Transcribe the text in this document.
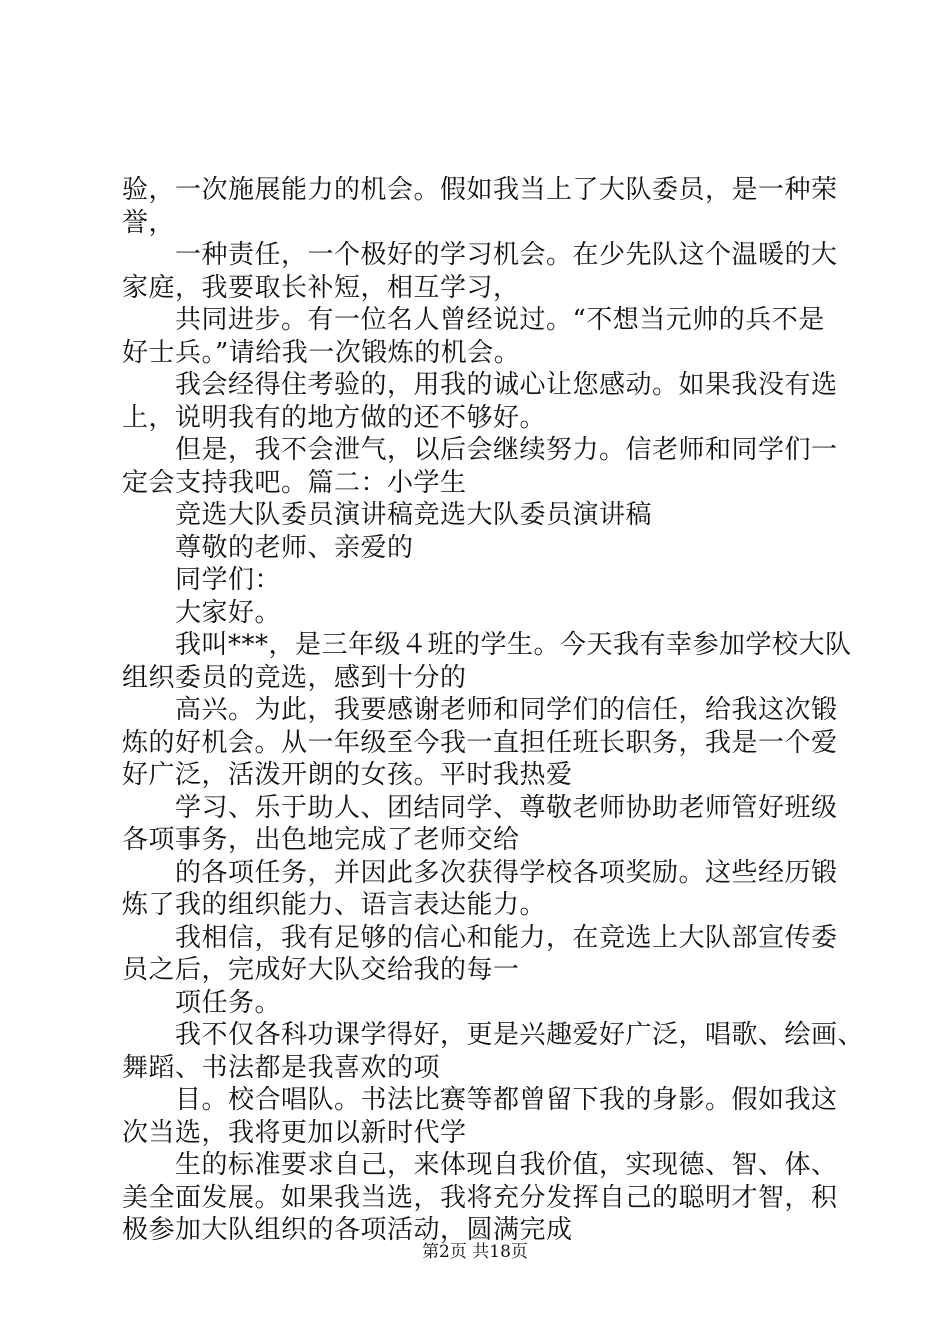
验，一次施展能力的机会。假如我当上了大队委员，是一种荣
誉，
　　一种责任，一个极好的学习机会。在少先队这个温暖的大
家庭，我要取长补短，相互学习，
　　共同进步。有一位名人曾经说过。“不想当元帅的兵不是
好士兵。”请给我一次锻炼的机会。
　　我会经得住考验的，用我的诚心让您感动。如果我没有选
上，说明我有的地方做的还不够好。
　　但是，我不会泄气，以后会继续努力。信老师和同学们一
定会支持我吧。篇二：小学生
　　竞选大队委员演讲稿竞选大队委员演讲稿
　　尊敬的老师、亲爱的
　　同学们：
　　大家好。
　　我叫***，是三年级４班的学生。今天我有幸参加学校大队
组织委员的竞选，感到十分的
　　高兴。为此，我要感谢老师和同学们的信任，给我这次锻
炼的好机会。从一年级至今我一直担任班长职务，我是一个爱
好广泛，活泼开朗的女孩。平时我热爱
　　学习、乐于助人、团结同学、尊敬老师协助老师管好班级
各项事务，出色地完成了老师交给
　　的各项任务，并因此多次获得学校各项奖励。这些经历锻
炼了我的组织能力、语言表达能力。
　　我相信，我有足够的信心和能力，在竞选上大队部宣传委
员之后，完成好大队交给我的每一
　　项任务。
　　我不仅各科功课学得好，更是兴趣爱好广泛，唱歌、绘画、
舞蹈、书法都是我喜欢的项
　　目。校合唱队。书法比赛等都曾留下我的身影。假如我这
次当选，我将更加以新时代学
　　生的标准要求自己，来体现自我价值，实现德、智、体、
美全面发展。如果我当选，我将充分发挥自己的聪明才智，积
极参加大队组织的各项活动，圆满完成
第2页 共18页
